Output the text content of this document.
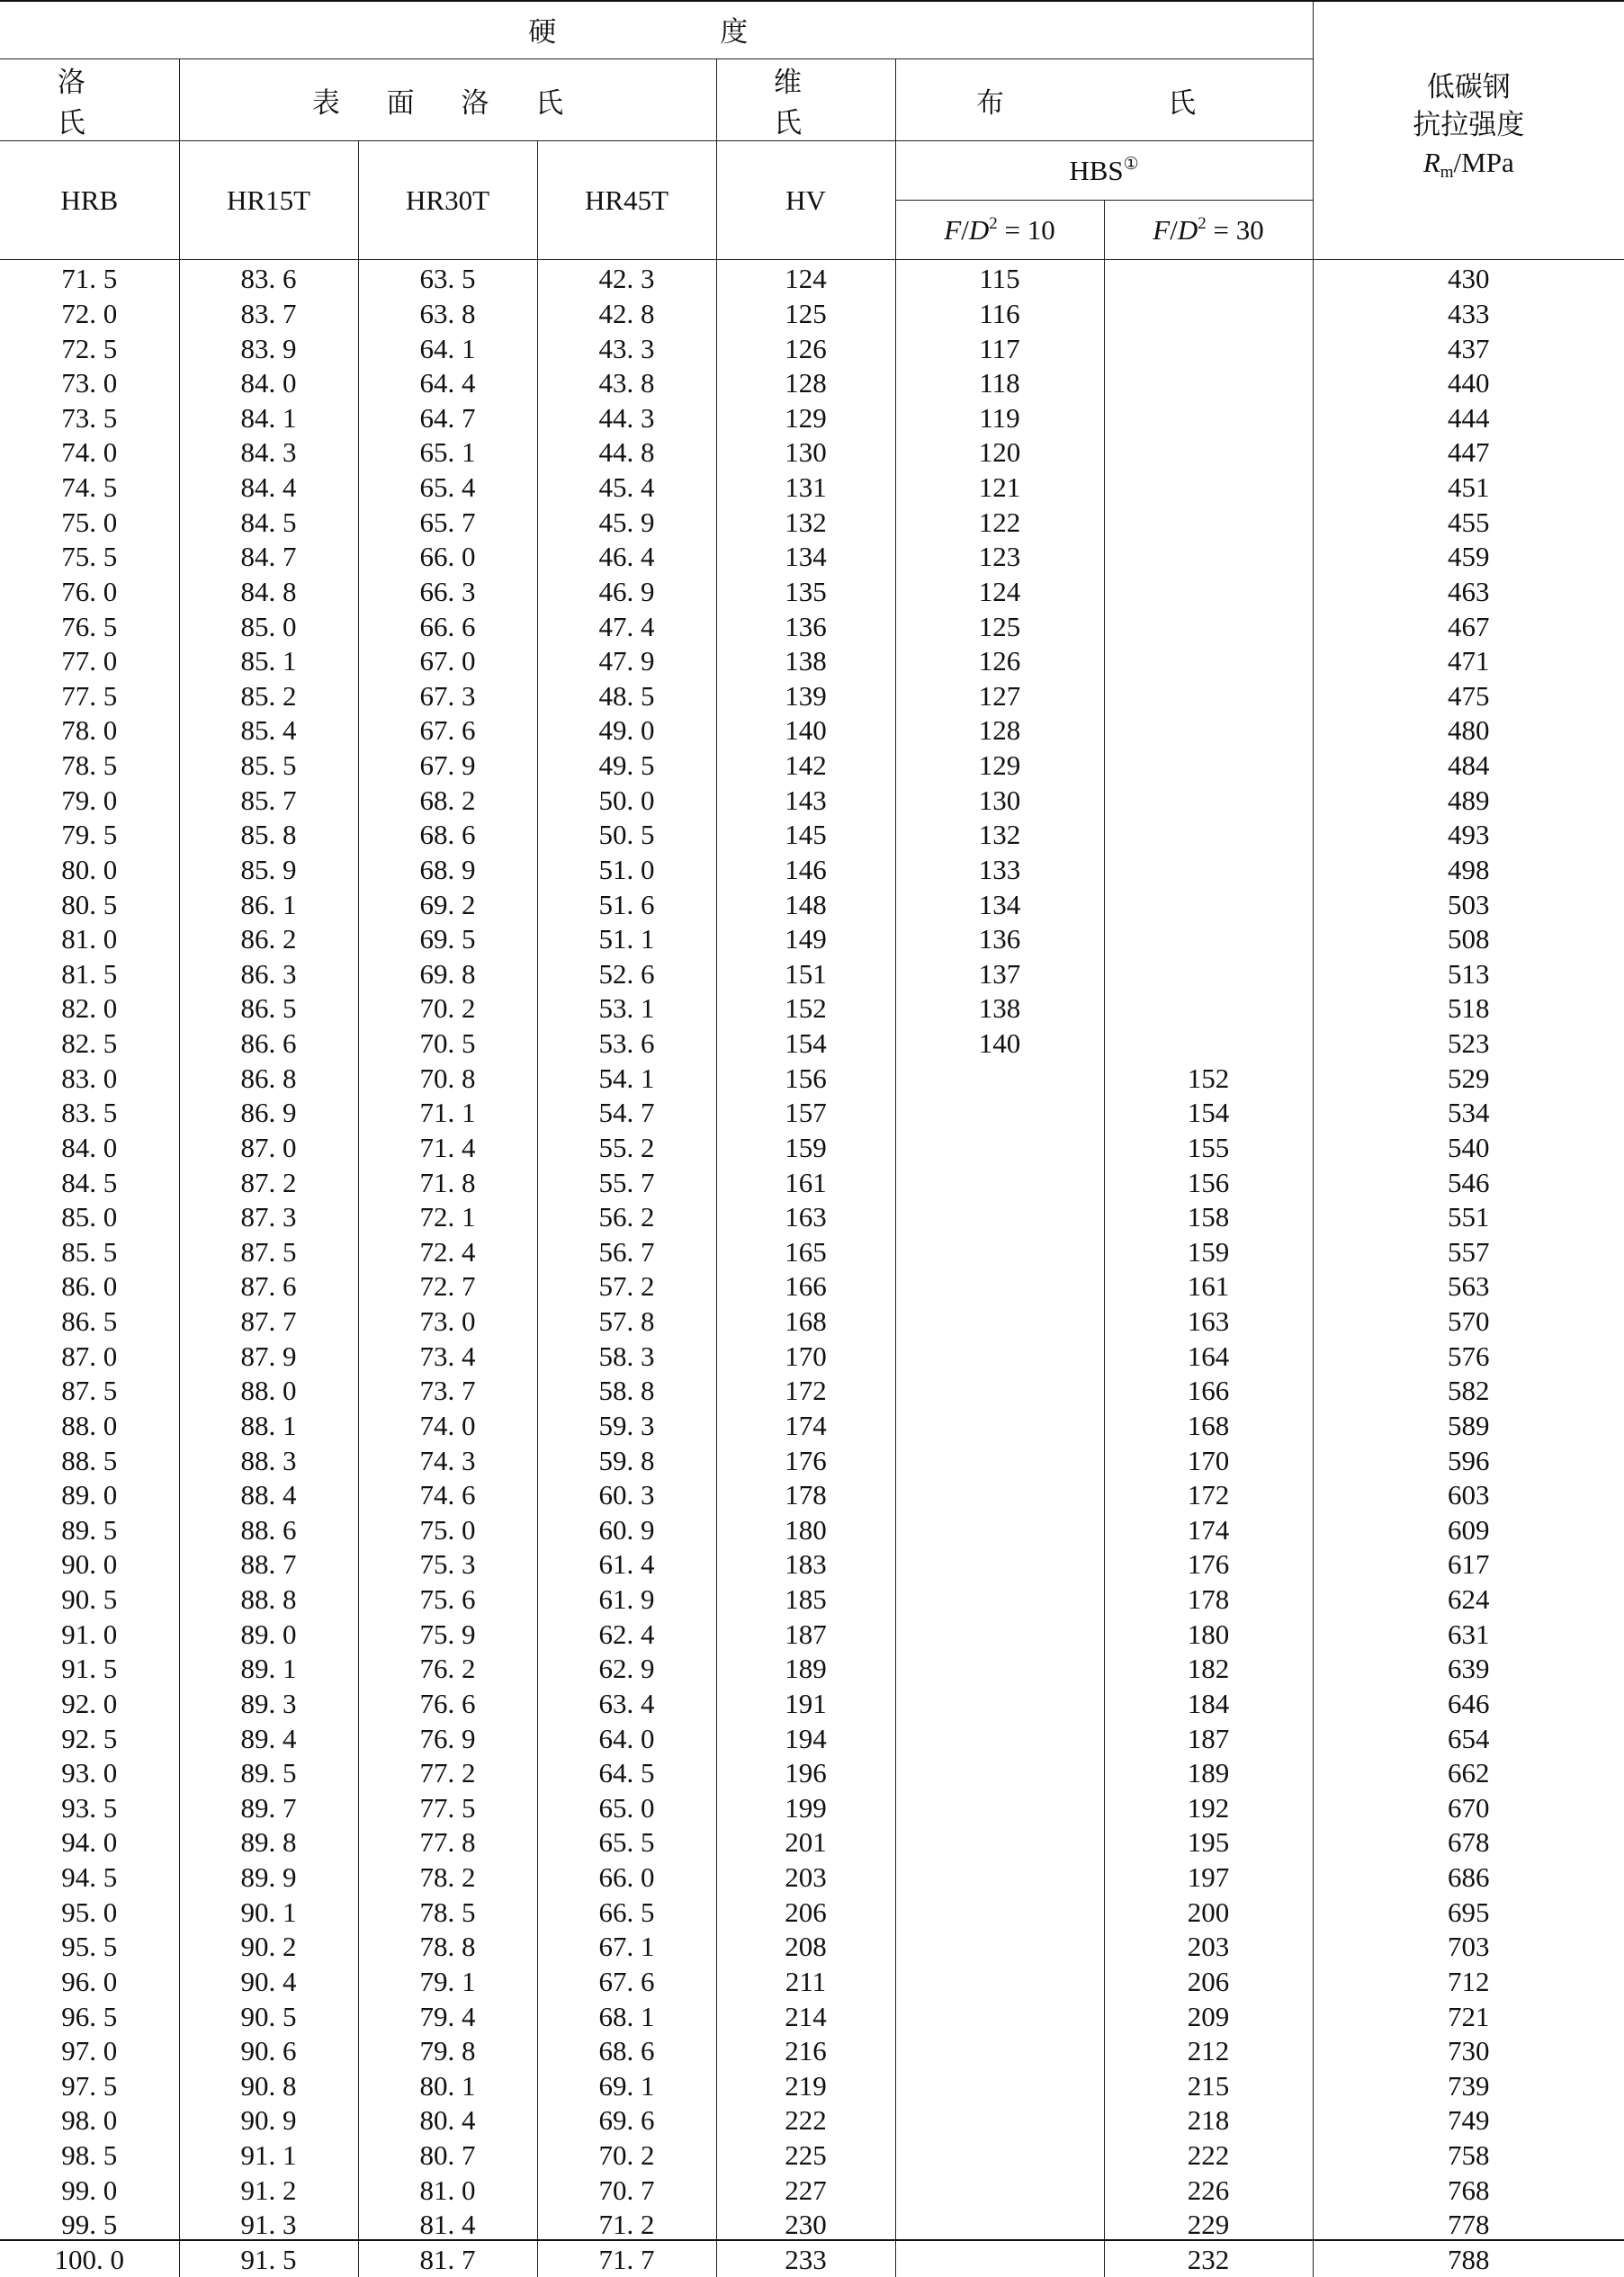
硬　　度							低碳钢
抗拉强度
$R_m$/MPa
洛　　氏	表 面 洛 氏			维　　氏	布　　氏		
HRB	HR15T	HR30T	HR45T	HV	HBS①
					$F/D^2 = 10$	$F/D^2 = 30$	
71. 5	83. 6	63. 5	42. 3	124	115		430
72. 0	83. 7	63. 8	42. 8	125	116		433
72. 5	83. 9	64. 1	43. 3	126	117		437
73. 0	84. 0	64. 4	43. 8	128	118		440
73. 5	84. 1	64. 7	44. 3	129	119		444
74. 0	84. 3	65. 1	44. 8	130	120		447
74. 5	84. 4	65. 4	45. 4	131	121		451
75. 0	84. 5	65. 7	45. 9	132	122		455
75. 5	84. 7	66. 0	46. 4	134	123		459
76. 0	84. 8	66. 3	46. 9	135	124		463
76. 5	85. 0	66. 6	47. 4	136	125		467
77. 0	85. 1	67. 0	47. 9	138	126		471
77. 5	85. 2	67. 3	48. 5	139	127		475
78. 0	85. 4	67. 6	49. 0	140	128		480
78. 5	85. 5	67. 9	49. 5	142	129		484
79. 0	85. 7	68. 2	50. 0	143	130		489
79. 5	85. 8	68. 6	50. 5	145	132		493
80. 0	85. 9	68. 9	51. 0	146	133		498
80. 5	86. 1	69. 2	51. 6	148	134		503
81. 0	86. 2	69. 5	51. 1	149	136		508
81. 5	86. 3	69. 8	52. 6	151	137		513
82. 0	86. 5	70. 2	53. 1	152	138		518
82. 5	86. 6	70. 5	53. 6	154	140		523
83. 0	86. 8	70. 8	54. 1	156		152	529
83. 5	86. 9	71. 1	54. 7	157		154	534
84. 0	87. 0	71. 4	55. 2	159		155	540
84. 5	87. 2	71. 8	55. 7	161		156	546
85. 0	87. 3	72. 1	56. 2	163		158	551
85. 5	87. 5	72. 4	56. 7	165		159	557
86. 0	87. 6	72. 7	57. 2	166		161	563
86. 5	87. 7	73. 0	57. 8	168		163	570
87. 0	87. 9	73. 4	58. 3	170		164	576
87. 5	88. 0	73. 7	58. 8	172		166	582
88. 0	88. 1	74. 0	59. 3	174		168	589
88. 5	88. 3	74. 3	59. 8	176		170	596
89. 0	88. 4	74. 6	60. 3	178		172	603
89. 5	88. 6	75. 0	60. 9	180		174	609
90. 0	88. 7	75. 3	61. 4	183		176	617
90. 5	88. 8	75. 6	61. 9	185		178	624
91. 0	89. 0	75. 9	62. 4	187		180	631
91. 5	89. 1	76. 2	62. 9	189		182	639
92. 0	89. 3	76. 6	63. 4	191		184	646
92. 5	89. 4	76. 9	64. 0	194		187	654
93. 0	89. 5	77. 2	64. 5	196		189	662
93. 5	89. 7	77. 5	65. 0	199		192	670
94. 0	89. 8	77. 8	65. 5	201		195	678
94. 5	89. 9	78. 2	66. 0	203		197	686
95. 0	90. 1	78. 5	66. 5	206		200	695
95. 5	90. 2	78. 8	67. 1	208		203	703
96. 0	90. 4	79. 1	67. 6	211		206	712
96. 5	90. 5	79. 4	68. 1	214		209	721
97. 0	90. 6	79. 8	68. 6	216		212	730
97. 5	90. 8	80. 1	69. 1	219		215	739
98. 0	90. 9	80. 4	69. 6	222		218	749
98. 5	91. 1	80. 7	70. 2	225		222	758
99. 0	91. 2	81. 0	70. 7	227		226	768
99. 5	91. 3	81. 4	71. 2	230		229	778
100. 0	91. 5	81. 7	71. 7	233		232	788
